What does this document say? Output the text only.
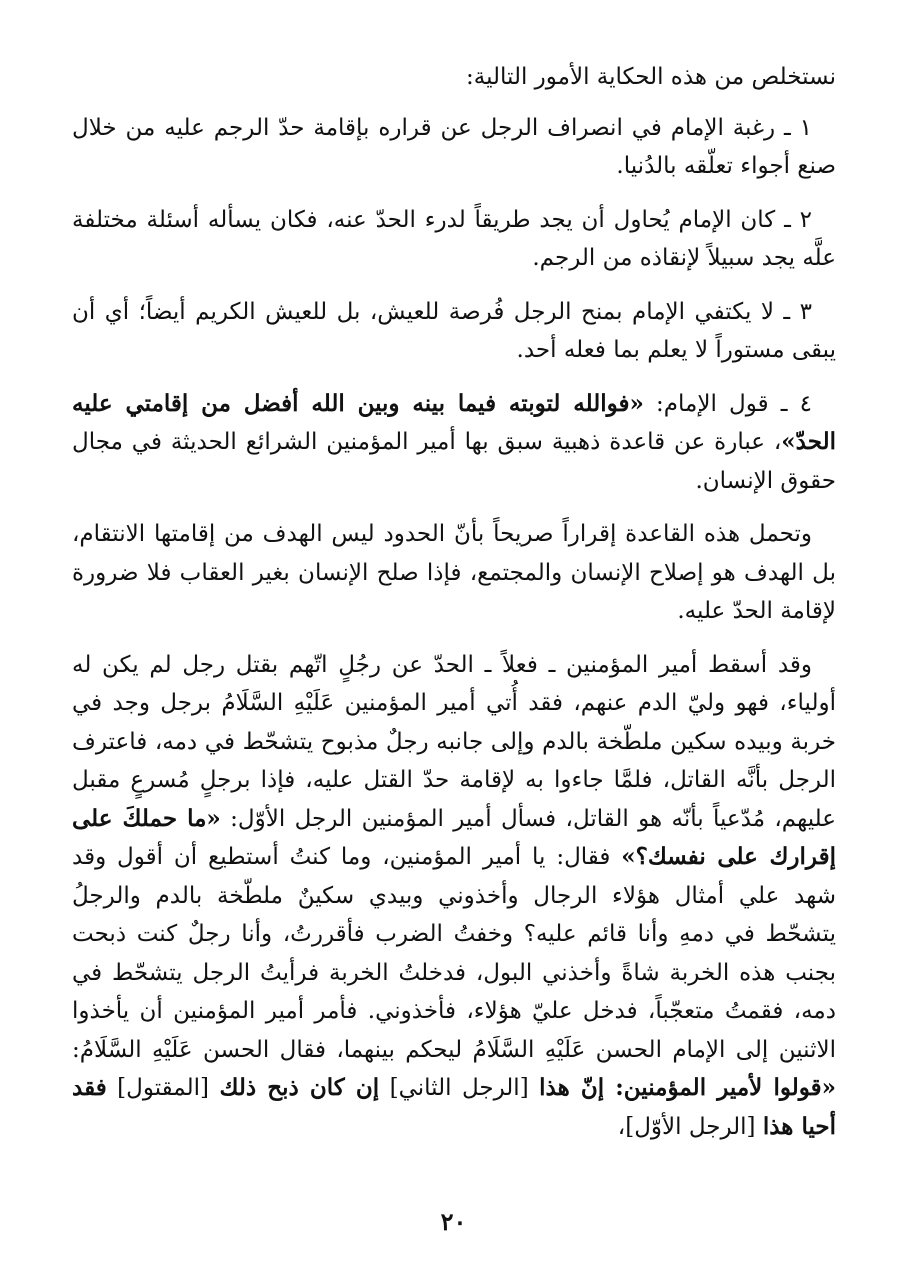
نستخلص من هذه الحكاية الأمور التالية:

١ ـ رغبة الإمام في انصراف الرجل عن قراره بإقامة حدّ الرجم عليه من خلال صنع أجواء تعلّقه بالدُنيا.

٢ ـ كان الإمام يُحاول أن يجد طريقاً لدرء الحدّ عنه، فكان يسأله أسئلة مختلفة علَّه يجد سبيلاً لإنقاذه من الرجم.

٣ ـ لا يكتفي الإمام بمنح الرجل فُرصة للعيش، بل للعيش الكريم أيضاً؛ أي أن يبقى مستوراً لا يعلم بما فعله أحد.

٤ ـ قول الإمام: «فوالله لتوبته فيما بينه وبين الله أفضل من إقامتي عليه الحدّ»، عبارة عن قاعدة ذهبية سبق بها أمير المؤمنين الشرائع الحديثة في مجال حقوق الإنسان.

وتحمل هذه القاعدة إقراراً صريحاً بأنّ الحدود ليس الهدف من إقامتها الانتقام، بل الهدف هو إصلاح الإنسان والمجتمع، فإذا صلح الإنسان بغير العقاب فلا ضرورة لإقامة الحدّ عليه.

وقد أسقط أمير المؤمنين ـ فعلاً ـ الحدّ عن رجُلٍ اتّهم بقتل رجل لم يكن له أولياء، فهو وليّ الدم عنهم، فقد أُتي أمير المؤمنين عَلَيْهِ السَّلَامُ برجل وجد في خربة وبيده سكين ملطّخة بالدم وإلى جانبه رجلٌ مذبوح يتشحّط في دمه، فاعترف الرجل بأنَّه القاتل، فلمَّا جاءوا به لإقامة حدّ القتل عليه، فإذا برجلٍ مُسرعٍ مقبل عليهم، مُدّعياً بأنّه هو القاتل، فسأل أمير المؤمنين الرجل الأوّل: «ما حملكَ على إقرارك على نفسك؟» فقال: يا أمير المؤمنين، وما كنتُ أستطيع أن أقول وقد شهد علي أمثال هؤلاء الرجال وأخذوني وبيدي سكينٌ ملطّخة بالدم والرجلُ يتشحّط في دمهِ وأنا قائم عليه؟ وخفتُ الضرب فأقررتُ، وأنا رجلٌ كنت ذبحت بجنب هذه الخربة شاةً وأخذني البول، فدخلتُ الخربة فرأيتُ الرجل يتشحّط في دمه، فقمتُ متعجّباً، فدخل عليّ هؤلاء، فأخذوني. فأمر أمير المؤمنين أن يأخذوا الاثنين إلى الإمام الحسن عَلَيْهِ السَّلَامُ ليحكم بينهما، فقال الحسن عَلَيْهِ السَّلَامُ: «قولوا لأمير المؤمنين: إنّ هذا [الرجل الثاني] إن كان ذبح ذلك [المقتول] فقد أحيا هذا [الرجل الأوّل]،

٢٠
